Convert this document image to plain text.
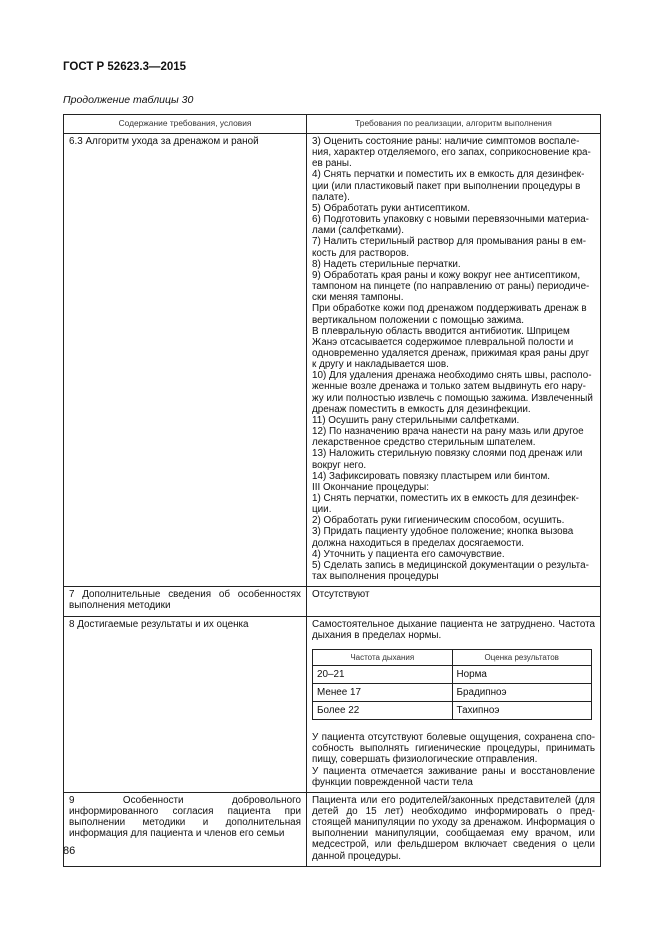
ГОСТ Р 52623.3—2015
Продолжение таблицы 30
Содержание требования, условия	Требования по реализации, алгоритм выполнения
6.3 Алгоритм ухода за дренажом и раной	3) Оценить состояние раны: наличие симптомов воспале-
ния, характер отделяемого, его запах, соприкосновение кра-
ев раны.
4) Снять перчатки и поместить их в емкость для дезинфек-
ции (или пластиковый пакет при выполнении процедуры в
палате).
5) Обработать руки антисептиком.
6) Подготовить упаковку с новыми перевязочными материа-
лами (салфетками).
7) Налить стерильный раствор для промывания раны в ем-
кость для растворов.
8) Надеть стерильные перчатки.
9) Обработать края раны и кожу вокруг нее антисептиком,
тампоном на пинцете (по направлению от раны) периодиче-
ски меняя тампоны.
При обработке кожи под дренажом поддерживать дренаж в
вертикальном положении с помощью зажима.
В плевральную область вводится антибиотик. Шприцем
Жанэ отсасывается содержимое плевральной полости и
одновременно удаляется дренаж, прижимая края раны друг
к другу и накладывается шов.
10) Для удаления дренажа необходимо снять швы, располо-
женные возле дренажа и только затем выдвинуть его нару-
жу или полностью извлечь с помощью зажима. Извлеченный
дренаж поместить в емкость для дезинфекции.
11) Осушить рану стерильными салфетками.
12) По назначению врача нанести на рану мазь или другое
лекарственное средство стерильным шпателем.
13) Наложить стерильную повязку слоями под дренаж или
вокруг него.
14) Зафиксировать повязку пластырем или бинтом.
III Окончание процедуры:
1) Снять перчатки, поместить их в емкость для дезинфек-
ции.
2) Обработать руки гигиеническим способом, осушить.
3) Придать пациенту удобное положение; кнопка вызова
должна находиться в пределах досягаемости.
4) Уточнить у пациента его самочувствие.
5) Сделать запись в медицинской документации о результа-
тах выполнения процедуры

7 Дополнительные сведения об особенностях выполнения методики	Отсутствуют
8 Достигаемые результаты и их оценка	Самостоятельное дыхание пациента не затруднено. Частота дыхания в пределах нормы.
Частота дыхания	Оценка результатов
20–21	Норма
Менее 17	Брадипноэ
Более 22	Тахипноэ
У пациента отсутствуют болевые ощущения, сохранена спо-собность выполнять гигиенические процедуры, принимать пищу, совершать физиологические отправления.
У пациента отмечается заживание раны и восстановление функции поврежденной части тела

9 Особенности добровольного информированного согласия пациента при выполнении методики и дополнительная информация для пациента и членов его семьи	Пациента или его родителей/законных представителей (для детей до 15 лет) необходимо информировать о пред-стоящей манипуляции по уходу за дренажом. Информация о выполнении манипуляции, сообщаемая ему врачом, или медсестрой, или фельдшером включает сведения о цели данной процедуры.
86
